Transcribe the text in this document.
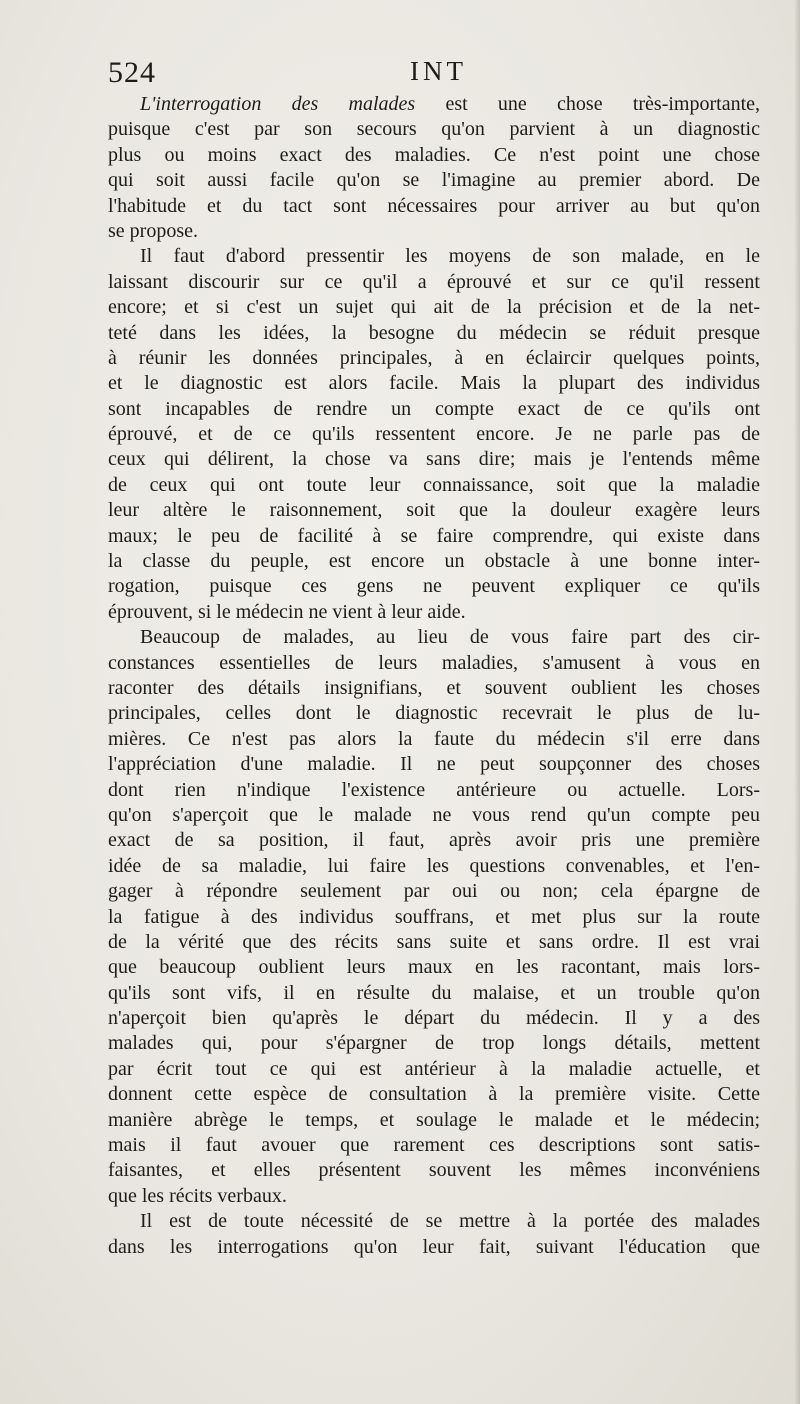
524	INT
L'interrogation des malades est une chose très-importante,
puisque c'est par son secours qu'on parvient à un diagnostic
plus ou moins exact des maladies. Ce n'est point une chose
qui soit aussi facile qu'on se l'imagine au premier abord. De
l'habitude et du tact sont nécessaires pour arriver au but qu'on
se propose.
Il faut d'abord pressentir les moyens de son malade, en le
laissant discourir sur ce qu'il a éprouvé et sur ce qu'il ressent
encore; et si c'est un sujet qui ait de la précision et de la net-
teté dans les idées, la besogne du médecin se réduit presque
à réunir les données principales, à en éclaircir quelques points,
et le diagnostic est alors facile. Mais la plupart des individus
sont incapables de rendre un compte exact de ce qu'ils ont
éprouvé, et de ce qu'ils ressentent encore. Je ne parle pas de
ceux qui délirent, la chose va sans dire; mais je l'entends même
de ceux qui ont toute leur connaissance, soit que la maladie
leur altère le raisonnement, soit que la douleur exagère leurs
maux; le peu de facilité à se faire comprendre, qui existe dans
la classe du peuple, est encore un obstacle à une bonne inter-
rogation, puisque ces gens ne peuvent expliquer ce qu'ils
éprouvent, si le médecin ne vient à leur aide.
Beaucoup de malades, au lieu de vous faire part des cir-
constances essentielles de leurs maladies, s'amusent à vous en
raconter des détails insignifians, et souvent oublient les choses
principales, celles dont le diagnostic recevrait le plus de lu-
mières. Ce n'est pas alors la faute du médecin s'il erre dans
l'appréciation d'une maladie. Il ne peut soupçonner des choses
dont rien n'indique l'existence antérieure ou actuelle. Lors-
qu'on s'aperçoit que le malade ne vous rend qu'un compte peu
exact de sa position, il faut, après avoir pris une première
idée de sa maladie, lui faire les questions convenables, et l'en-
gager à répondre seulement par oui ou non; cela épargne de
la fatigue à des individus souffrans, et met plus sur la route
de la vérité que des récits sans suite et sans ordre. Il est vrai
que beaucoup oublient leurs maux en les racontant, mais lors-
qu'ils sont vifs, il en résulte du malaise, et un trouble qu'on
n'aperçoit bien qu'après le départ du médecin. Il y a des
malades qui, pour s'épargner de trop longs détails, mettent
par écrit tout ce qui est antérieur à la maladie actuelle, et
donnent cette espèce de consultation à la première visite. Cette
manière abrège le temps, et soulage le malade et le médecin;
mais il faut avouer que rarement ces descriptions sont satis-
faisantes, et elles présentent souvent les mêmes inconvéniens
que les récits verbaux.
Il est de toute nécessité de se mettre à la portée des malades
dans les interrogations qu'on leur fait, suivant l'éducation que
